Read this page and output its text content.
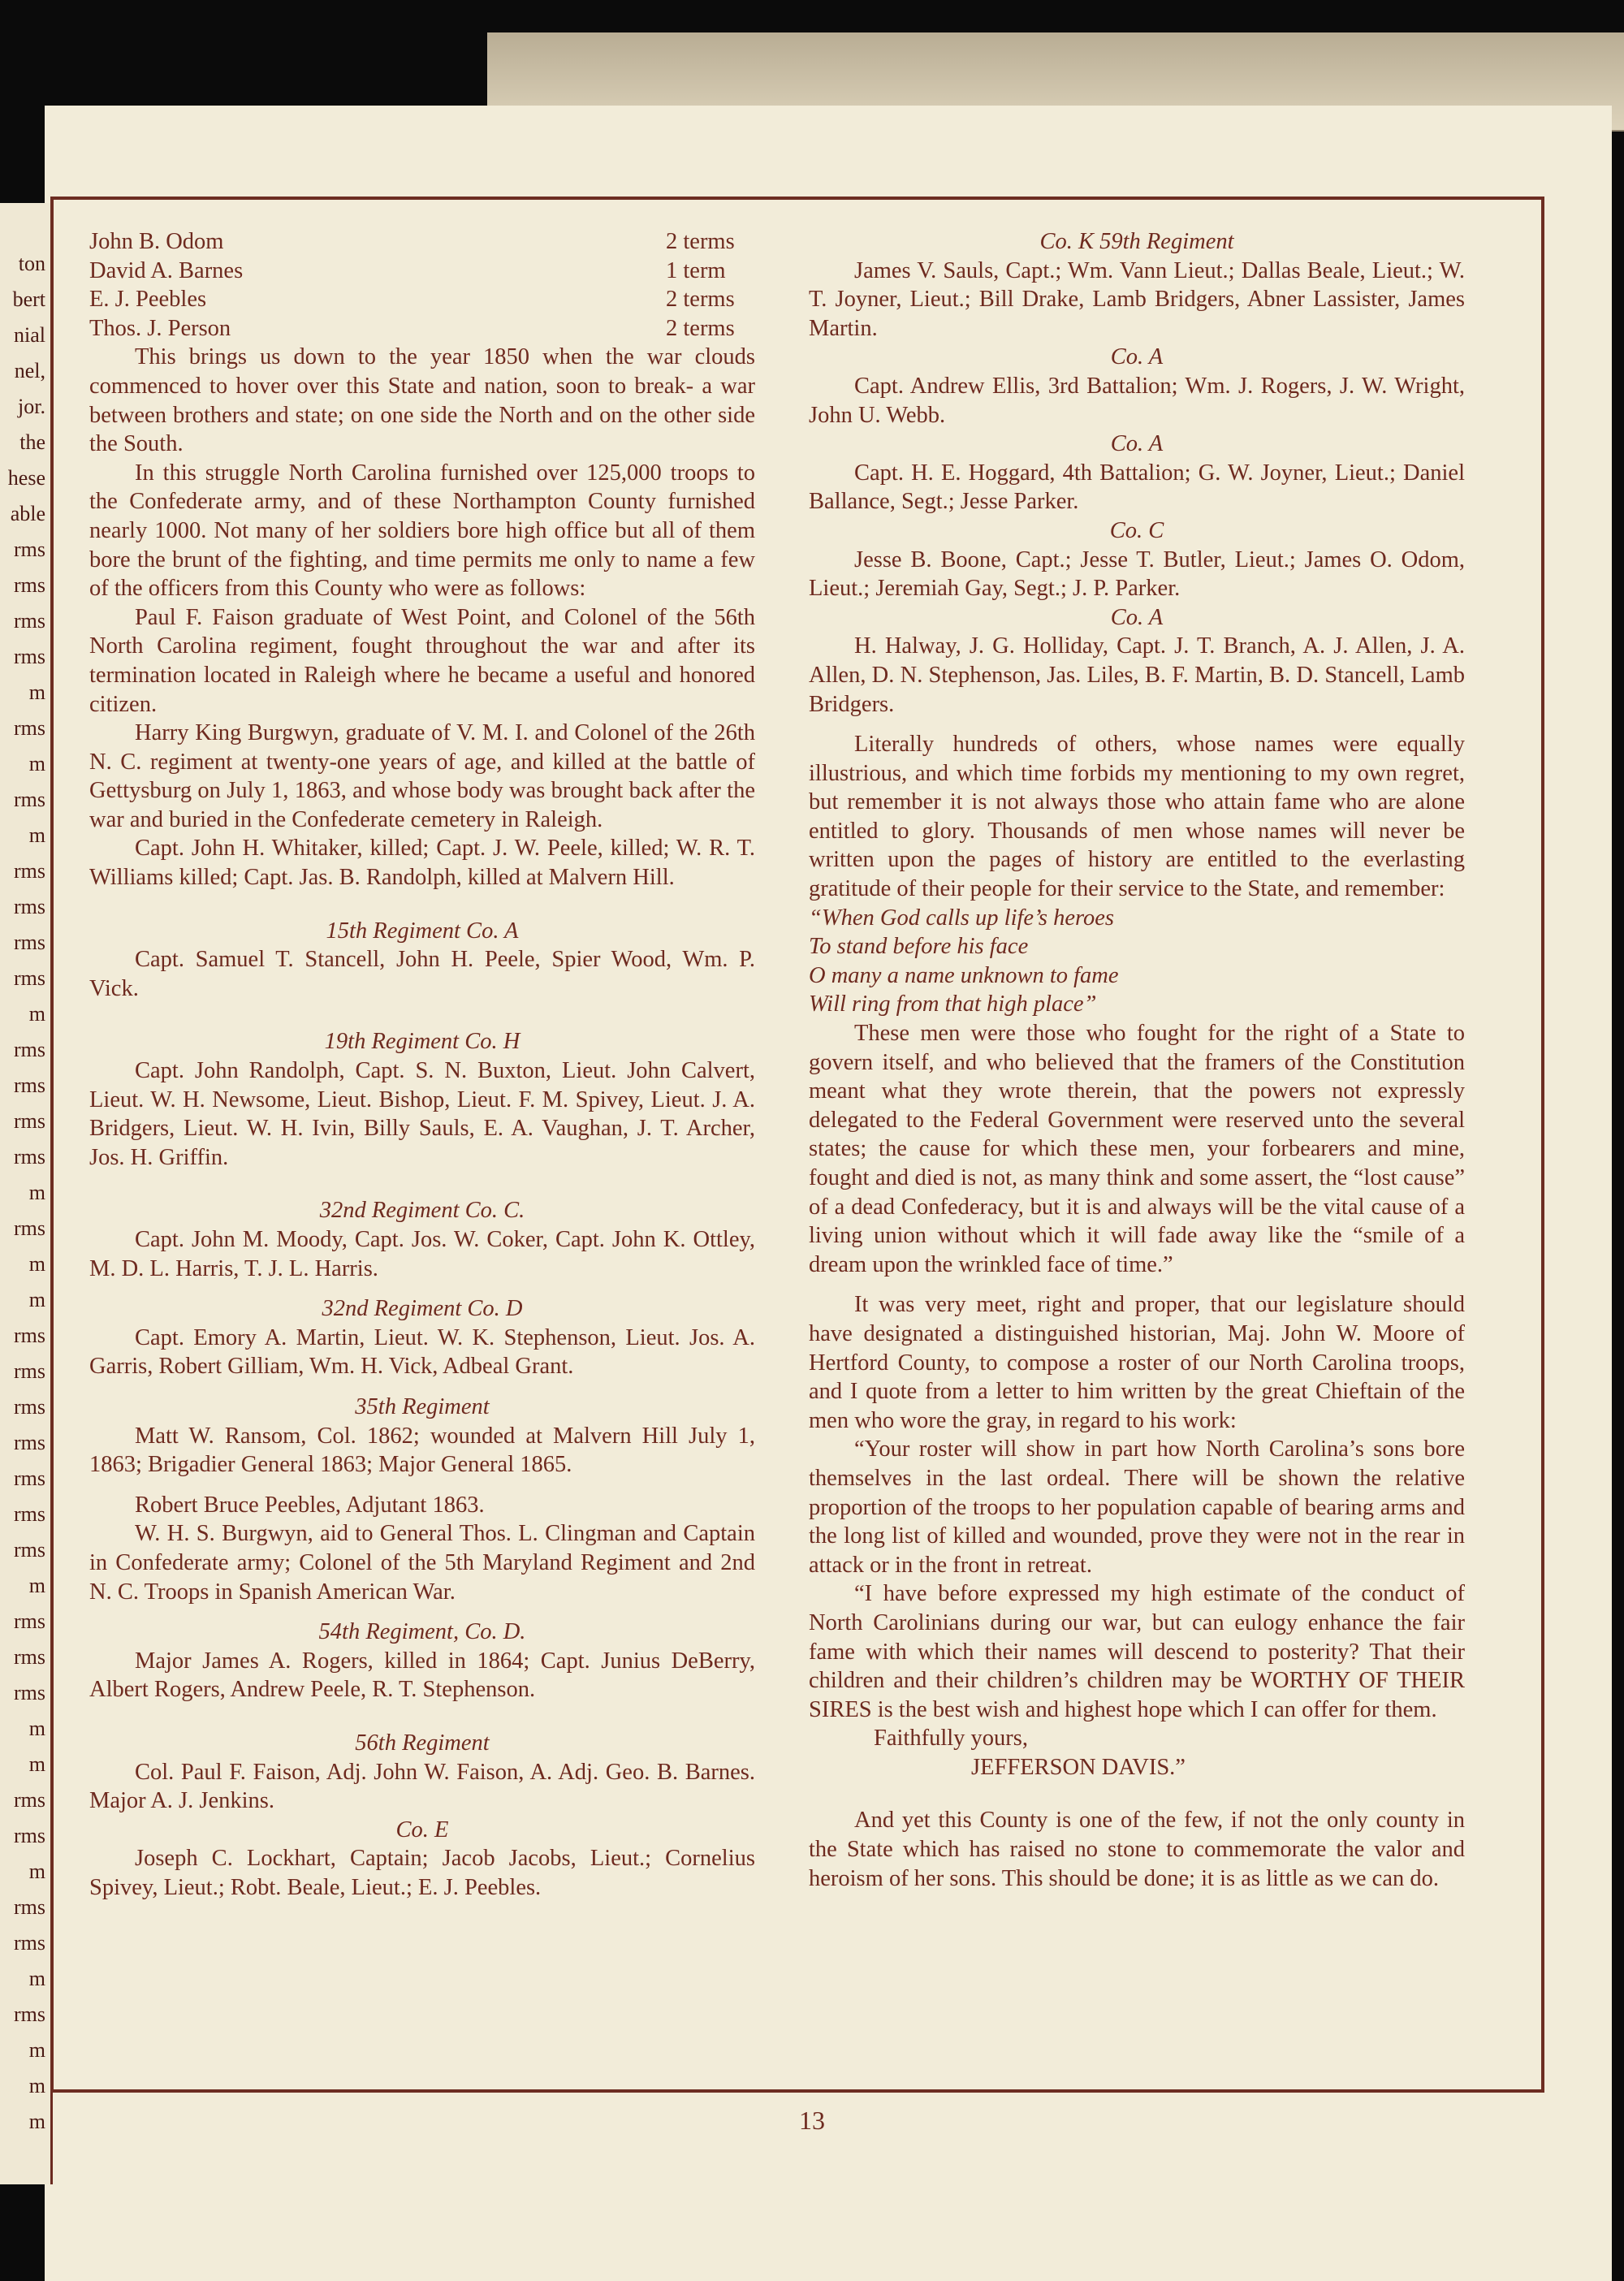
ton
bert
nial
nel,
jor.
the
hese
able
rms
rms
rms
rms
m
rms
m
rms
m
rms
rms
rms
rms
m
rms
rms
rms
rms
m
rms
m
m
rms
rms
rms
rms
rms
rms
rms
m
rms
rms
rms
m
m
rms
rms
m
rms
rms
m
rms
m
m
m
John B. Odom	2 terms
David A. Barnes	1 term
E. J. Peebles	2 terms
Thos. J. Person	2 terms

This brings us down to the year 1850 when the war clouds commenced to hover over this State and nation, soon to break- a war between brothers and state; on one side the North and on the other side the South.

In this struggle North Carolina furnished over 125,000 troops to the Confederate army, and of these Northampton County furnished nearly 1000. Not many of her soldiers bore high office but all of them bore the brunt of the fighting, and time permits me only to name a few of the officers from this County who were as follows:

Paul F. Faison graduate of West Point, and Colonel of the 56th North Carolina regiment, fought throughout the war and after its termination located in Raleigh where he became a useful and honored citizen.

Harry King Burgwyn, graduate of V. M. I. and Colonel of the 26th N. C. regiment at twenty-one years of age, and killed at the battle of Gettysburg on July 1, 1863, and whose body was brought back after the war and buried in the Confederate cemetery in Raleigh.

Capt. John H. Whitaker, killed; Capt. J. W. Peele, killed; W. R. T. Williams killed; Capt. Jas. B. Randolph, killed at Malvern Hill.

15th Regiment Co. A

Capt. Samuel T. Stancell, John H. Peele, Spier Wood, Wm. P. Vick.

19th Regiment Co. H

Capt. John Randolph, Capt. S. N. Buxton, Lieut. John Calvert, Lieut. W. H. Newsome, Lieut. Bishop, Lieut. F. M. Spivey, Lieut. J. A. Bridgers, Lieut. W. H. Ivin, Billy Sauls, E. A. Vaughan, J. T. Archer, Jos. H. Griffin.

32nd Regiment Co. C.

Capt. John M. Moody, Capt. Jos. W. Coker, Capt. John K. Ottley, M. D. L. Harris, T. J. L. Harris.

32nd Regiment Co. D

Capt. Emory A. Martin, Lieut. W. K. Stephenson, Lieut. Jos. A. Garris, Robert Gilliam, Wm. H. Vick, Adbeal Grant.

35th Regiment

Matt W. Ransom, Col. 1862; wounded at Malvern Hill July 1, 1863; Brigadier General 1863; Major General 1865.

Robert Bruce Peebles, Adjutant 1863.

W. H. S. Burgwyn, aid to General Thos. L. Clingman and Captain in Confederate army; Colonel of the 5th Maryland Regiment and 2nd N. C. Troops in Spanish American War.

54th Regiment, Co. D.

Major James A. Rogers, killed in 1864; Capt. Junius DeBerry, Albert Rogers, Andrew Peele, R. T. Stephenson.

56th Regiment

Col. Paul F. Faison, Adj. John W. Faison, A. Adj. Geo. B. Barnes. Major A. J. Jenkins.

Co. E

Joseph C. Lockhart, Captain; Jacob Jacobs, Lieut.; Cornelius Spivey, Lieut.; Robt. Beale, Lieut.; E. J. Peebles.

Co. K 59th Regiment

James V. Sauls, Capt.; Wm. Vann Lieut.; Dallas Beale, Lieut.; W. T. Joyner, Lieut.; Bill Drake, Lamb Bridgers, Abner Lassister, James Martin.

Co. A

Capt. Andrew Ellis, 3rd Battalion; Wm. J. Rogers, J. W. Wright, John U. Webb.

Co. A

Capt. H. E. Hoggard, 4th Battalion; G. W. Joyner, Lieut.; Daniel Ballance, Segt.; Jesse Parker.

Co. C

Jesse B. Boone, Capt.; Jesse T. Butler, Lieut.; James O. Odom, Lieut.; Jeremiah Gay, Segt.; J. P. Parker.

Co. A

H. Halway, J. G. Holliday, Capt. J. T. Branch, A. J. Allen, J. A. Allen, D. N. Stephenson, Jas. Liles, B. F. Martin, B. D. Stancell, Lamb Bridgers.

Literally hundreds of others, whose names were equally illustrious, and which time forbids my mentioning to my own regret, but remember it is not always those who attain fame who are alone entitled to glory. Thousands of men whose names will never be written upon the pages of history are entitled to the everlasting gratitude of their people for their service to the State, and remember:

“When God calls up life’s heroes

To stand before his face

O many a name unknown to fame

Will ring from that high place”

These men were those who fought for the right of a State to govern itself, and who believed that the framers of the Constitution meant what they wrote therein, that the powers not expressly delegated to the Federal Government were reserved unto the several states; the cause for which these men, your forbearers and mine, fought and died is not, as many think and some assert, the “lost cause” of a dead Confederacy, but it is and always will be the vital cause of a living union without which it will fade away like the “smile of a dream upon the wrinkled face of time.”

It was very meet, right and proper, that our legislature should have designated a distinguished historian, Maj. John W. Moore of Hertford County, to compose a roster of our North Carolina troops, and I quote from a letter to him written by the great Chieftain of the men who wore the gray, in regard to his work:

“Your roster will show in part how North Carolina’s sons bore themselves in the last ordeal. There will be shown the relative proportion of the troops to her population capable of bearing arms and the long list of killed and wounded, prove they were not in the rear in attack or in the front in retreat.

“I have before expressed my high estimate of the conduct of North Carolinians during our war, but can eulogy enhance the fair fame with which their names will descend to posterity? That their children and their children’s children may be WORTHY OF THEIR SIRES is the best wish and highest hope which I can offer for them.

Faithfully yours,

JEFFERSON DAVIS.”

And yet this County is one of the few, if not the only county in the State which has raised no stone to commemorate the valor and heroism of her sons. This should be done; it is as little as we can do.

13
